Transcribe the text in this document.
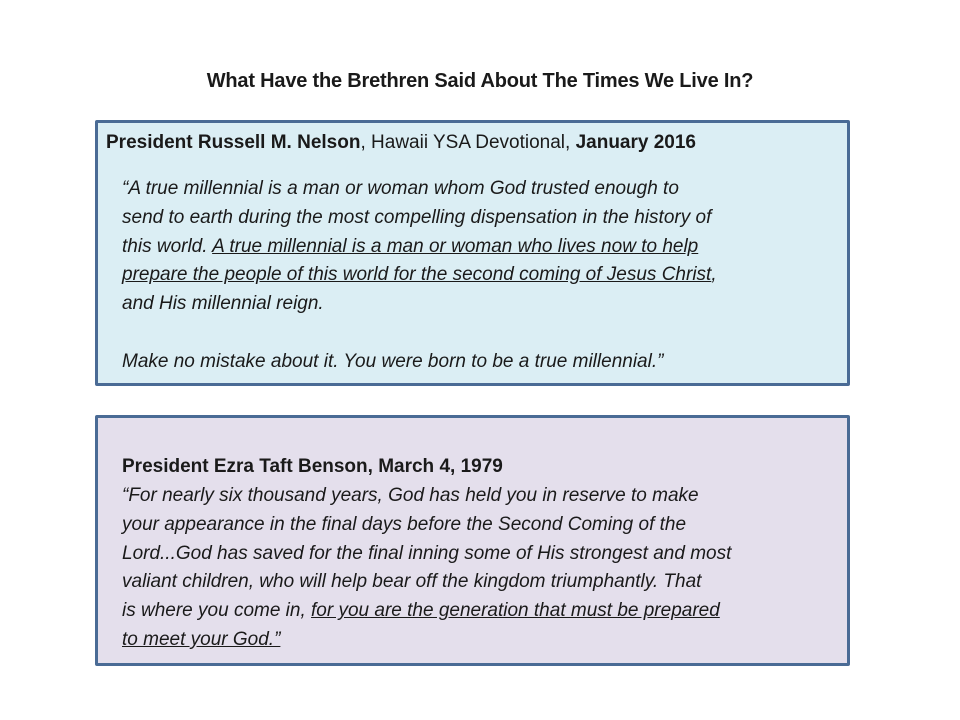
What Have the Brethren Said About The Times We Live In?
President Russell M. Nelson, Hawaii YSA Devotional, January 2016
“A true millennial is a man or woman whom God trusted enough to
send to earth during the most compelling dispensation in the history of
this world. A true millennial is a man or woman who lives now to help
prepare the people of this world for the second coming of Jesus Christ,
and His millennial reign.
Make no mistake about it. You were born to be a true millennial.”
President Ezra Taft Benson, March 4, 1979
“For nearly six thousand years, God has held you in reserve to make
your appearance in the final days before the Second Coming of the
Lord...God has saved for the final inning some of His strongest and most
valiant children, who will help bear off the kingdom triumphantly. That
is where you come in, for you are the generation that must be prepared
to meet your God.”
